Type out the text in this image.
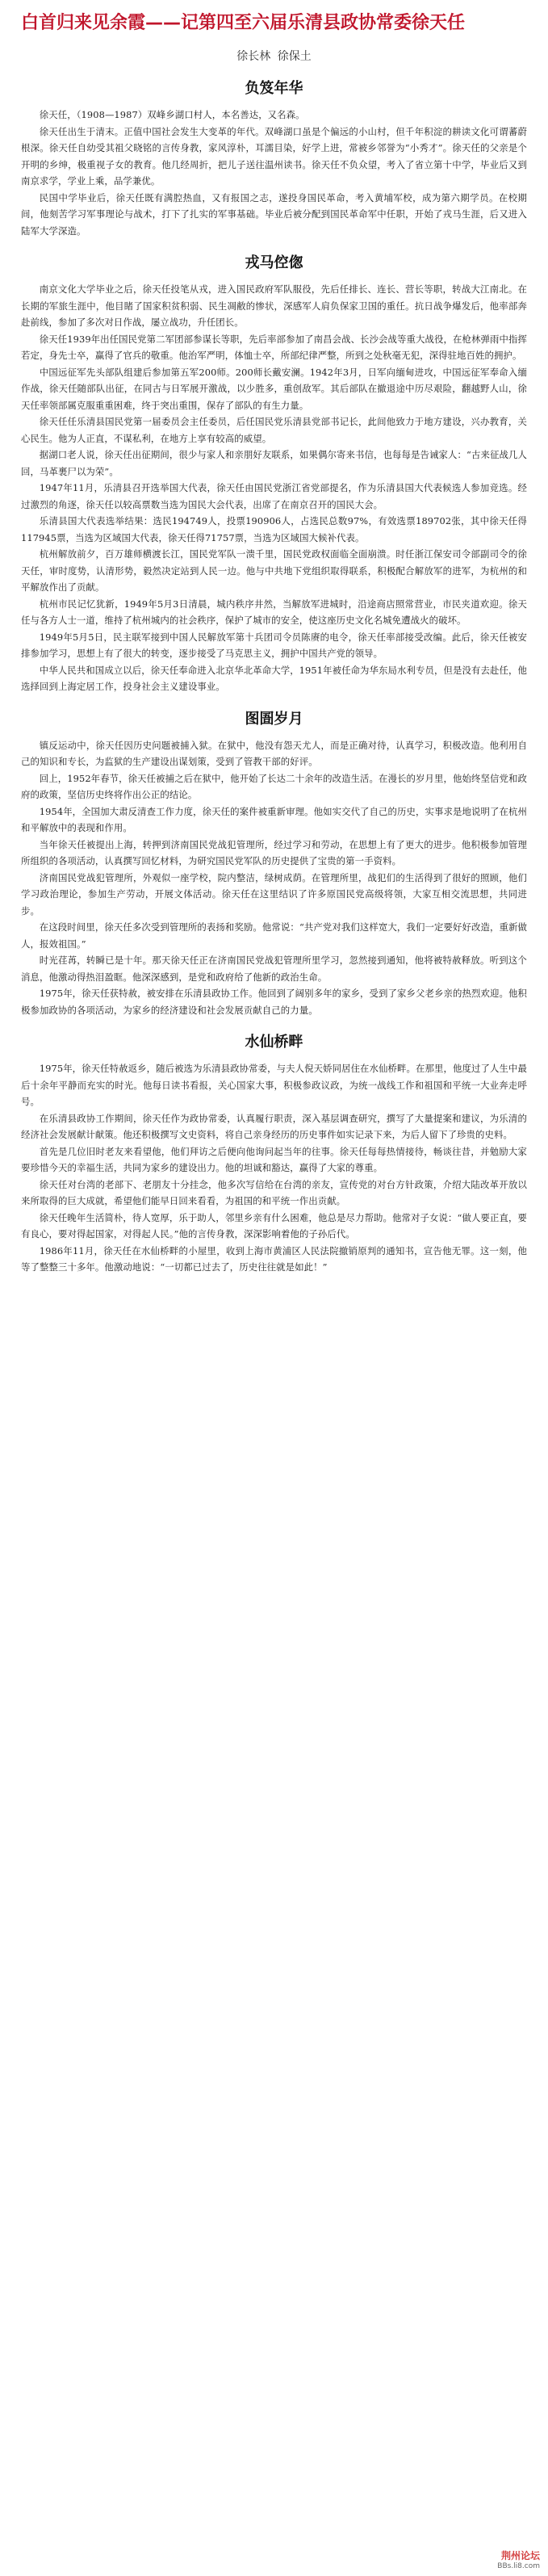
白首归来见余霞——记第四至六届乐清县政协常委徐天任
徐长林 徐保土
负笈年华

徐天任，（1908—1987）双峰乡湖口村人，本名善达，又名森。

徐天任出生于清末。正值中国社会发生大变革的年代。双峰湖口虽是个偏远的小山村，但千年积淀的耕读文化可谓蕃蔚根深。徐天任自幼受其祖父晓铭的言传身教，家风淳朴，耳濡目染，好学上进，常被乡邻誉为“小秀才”。徐天任的父亲是个开明的乡绅，极重视子女的教育。他几经周折，把儿子送往温州读书。徐天任不负众望，考入了省立第十中学，毕业后又到南京求学，学业上乘，品学兼优。

民国中学毕业后，徐天任既有满腔热血，又有报国之志，遂投身国民革命，考入黄埔军校，成为第六期学员。在校期间，他刻苦学习军事理论与战术，打下了扎实的军事基础。毕业后被分配到国民革命军中任职，开始了戎马生涯，后又进入陆军大学深造。

戎马倥偬

南京文化大学毕业之后，徐天任投笔从戎，进入国民政府军队服役，先后任排长、连长、营长等职，转战大江南北。在长期的军旅生涯中，他目睹了国家积贫积弱、民生凋敝的惨状，深感军人肩负保家卫国的重任。抗日战争爆发后，他率部奔赴前线，参加了多次对日作战，屡立战功，升任团长。

徐天任1939年出任国民党第二军团部参谋长等职，先后率部参加了南昌会战、长沙会战等重大战役，在枪林弹雨中指挥若定，身先士卒，赢得了官兵的敬重。他治军严明，体恤士卒，所部纪律严整，所到之处秋毫无犯，深得驻地百姓的拥护。

中国远征军先头部队组建后参加第五军200师。200师长戴安澜。1942年3月，日军向缅甸进攻，中国远征军奉命入缅作战，徐天任随部队出征，在同古与日军展开激战，以少胜多，重创敌军。其后部队在撤退途中历尽艰险，翻越野人山，徐天任率领部属克服重重困难，终于突出重围，保存了部队的有生力量。

徐天任任乐清县国民党第一届委员会主任委员，后任国民党乐清县党部书记长，此间他致力于地方建设，兴办教育，关心民生。他为人正直，不谋私利，在地方上享有较高的威望。

据湖口老人说，徐天任出征期间，很少与家人和亲朋好友联系，如果偶尔寄来书信，也每每是告诫家人：“古来征战几人回，马革裹尸以为荣”。

1947年11月，乐清县召开选举国大代表，徐天任由国民党浙江省党部提名，作为乐清县国大代表候选人参加竞选。经过激烈的角逐，徐天任以较高票数当选为国民大会代表，出席了在南京召开的国民大会。

乐清县国大代表选举结果：选民194749人，投票190906人，占选民总数97%，有效选票189702张，其中徐天任得117945票，当选为区域国大代表，徐天任得71757票，当选为区域国大候补代表。

杭州解放前夕，百万雄师横渡长江，国民党军队一溃千里，国民党政权面临全面崩溃。时任浙江保安司令部副司令的徐天任，审时度势，认清形势，毅然决定站到人民一边。他与中共地下党组织取得联系，积极配合解放军的进军，为杭州的和平解放作出了贡献。

杭州市民记忆犹新，1949年5月3日清晨，城内秩序井然，当解放军进城时，沿途商店照常营业，市民夹道欢迎。徐天任与各方人士一道，维持了杭州城内的社会秩序，保护了城市的安全，使这座历史文化名城免遭战火的破坏。

1949年5月5日，民主联军接到中国人民解放军第十兵团司令员陈赓的电令，徐天任率部接受改编。此后，徐天任被安排参加学习，思想上有了很大的转变，逐步接受了马克思主义，拥护中国共产党的领导。

中华人民共和国成立以后，徐天任奉命进入北京华北革命大学，1951年被任命为华东局水利专员，但是没有去赴任，他选择回到上海定居工作，投身社会主义建设事业。

图圄岁月

镇反运动中，徐天任因历史问题被捕入狱。在狱中，他没有怨天尤人，而是正确对待，认真学习，积极改造。他利用自己的知识和专长，为监狱的生产建设出谋划策，受到了管教干部的好评。

回上，1952年春节，徐天任被捕之后在狱中，他开始了长达二十余年的改造生活。在漫长的岁月里，他始终坚信党和政府的政策，坚信历史终将作出公正的结论。

1954年，全国加大肃反清查工作力度，徐天任的案件被重新审理。他如实交代了自己的历史，实事求是地说明了在杭州和平解放中的表现和作用。

当年徐天任被提出上海，转押到济南国民党战犯管理所，经过学习和劳动，在思想上有了更大的进步。他积极参加管理所组织的各项活动，认真撰写回忆材料，为研究国民党军队的历史提供了宝贵的第一手资料。

济南国民党战犯管理所，外观似一座学校，院内整洁，绿树成荫。在管理所里，战犯们的生活得到了很好的照顾，他们学习政治理论，参加生产劳动，开展文体活动。徐天任在这里结识了许多原国民党高级将领，大家互相交流思想，共同进步。

在这段时间里，徐天任多次受到管理所的表扬和奖励。他常说：“共产党对我们这样宽大，我们一定要好好改造，重新做人，报效祖国。”

时光荏苒，转瞬已是十年。那天徐天任正在济南国民党战犯管理所里学习，忽然接到通知，他将被特赦释放。听到这个消息，他激动得热泪盈眶。他深深感到，是党和政府给了他新的政治生命。

1975年，徐天任获特赦，被安排在乐清县政协工作。他回到了阔别多年的家乡，受到了家乡父老乡亲的热烈欢迎。他积极参加政协的各项活动，为家乡的经济建设和社会发展贡献自己的力量。

水仙桥畔

1975年，徐天任特赦返乡，随后被选为乐清县政协常委，与夫人倪天娇同居住在水仙桥畔。在那里，他度过了人生中最后十余年平静而充实的时光。他每日读书看报，关心国家大事，积极参政议政，为统一战线工作和祖国和平统一大业奔走呼号。

在乐清县政协工作期间，徐天任作为政协常委，认真履行职责，深入基层调查研究，撰写了大量提案和建议，为乐清的经济社会发展献计献策。他还积极撰写文史资料，将自己亲身经历的历史事件如实记录下来，为后人留下了珍贵的史料。

首先是几位旧时老友来看望他，他们拜访之后便向他询问起当年的往事。徐天任每每热情接待，畅谈往昔，并勉励大家要珍惜今天的幸福生活，共同为家乡的建设出力。他的坦诚和豁达，赢得了大家的尊重。

徐天任对台湾的老部下、老朋友十分挂念，他多次写信给在台湾的亲友，宣传党的对台方针政策，介绍大陆改革开放以来所取得的巨大成就，希望他们能早日回来看看，为祖国的和平统一作出贡献。

徐天任晚年生活简朴，待人宽厚，乐于助人，邻里乡亲有什么困难，他总是尽力帮助。他常对子女说：“做人要正直，要有良心，要对得起国家，对得起人民。”他的言传身教，深深影响着他的子孙后代。

1986年11月，徐天任在水仙桥畔的小屋里，收到上海市黄浦区人民法院撤销原判的通知书，宣告他无罪。这一刻，他等了整整三十多年。他激动地说：“一切都已过去了，历史往往就是如此！”

荆州论坛
BBs.li8.com
